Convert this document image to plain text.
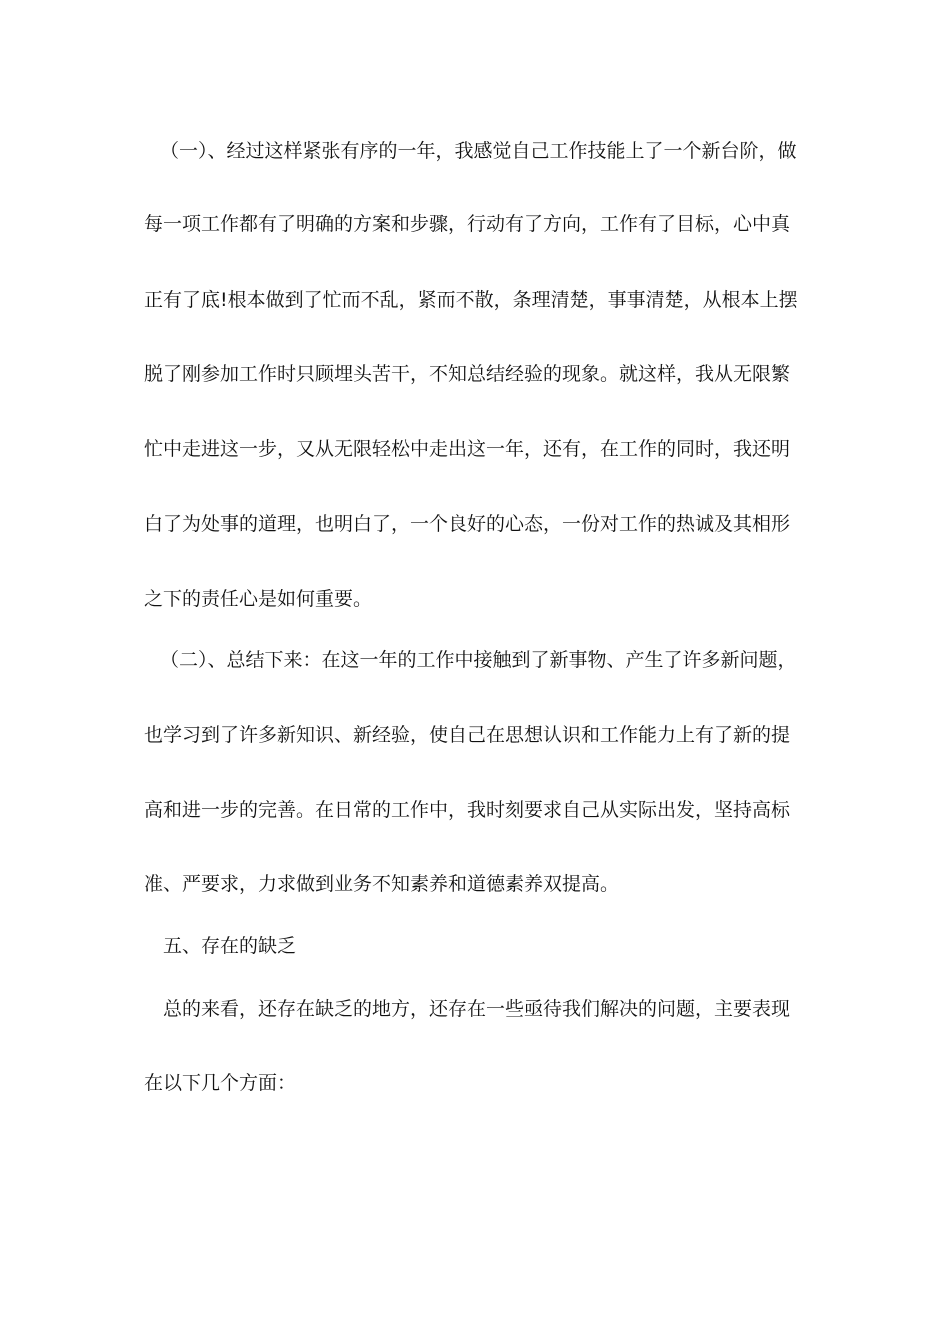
（一）、经过这样紧张有序的一年，我感觉自己工作技能上了一个新台阶，做
每一项工作都有了明确的方案和步骤，行动有了方向，工作有了目标，心中真
正有了底!根本做到了忙而不乱，紧而不散，条理清楚，事事清楚，从根本上摆
脱了刚参加工作时只顾埋头苦干，不知总结经验的现象。就这样，我从无限繁
忙中走进这一步，又从无限轻松中走出这一年，还有，在工作的同时，我还明
白了为处事的道理，也明白了，一个良好的心态，一份对工作的热诚及其相形
之下的责任心是如何重要。
（二）、总结下来：在这一年的工作中接触到了新事物、产生了许多新问题，
也学习到了许多新知识、新经验，使自己在思想认识和工作能力上有了新的提
高和进一步的完善。在日常的工作中，我时刻要求自己从实际出发，坚持高标
准、严要求，力求做到业务不知素养和道德素养双提高。
五、存在的缺乏
总的来看，还存在缺乏的地方，还存在一些亟待我们解决的问题，主要表现
在以下几个方面：
